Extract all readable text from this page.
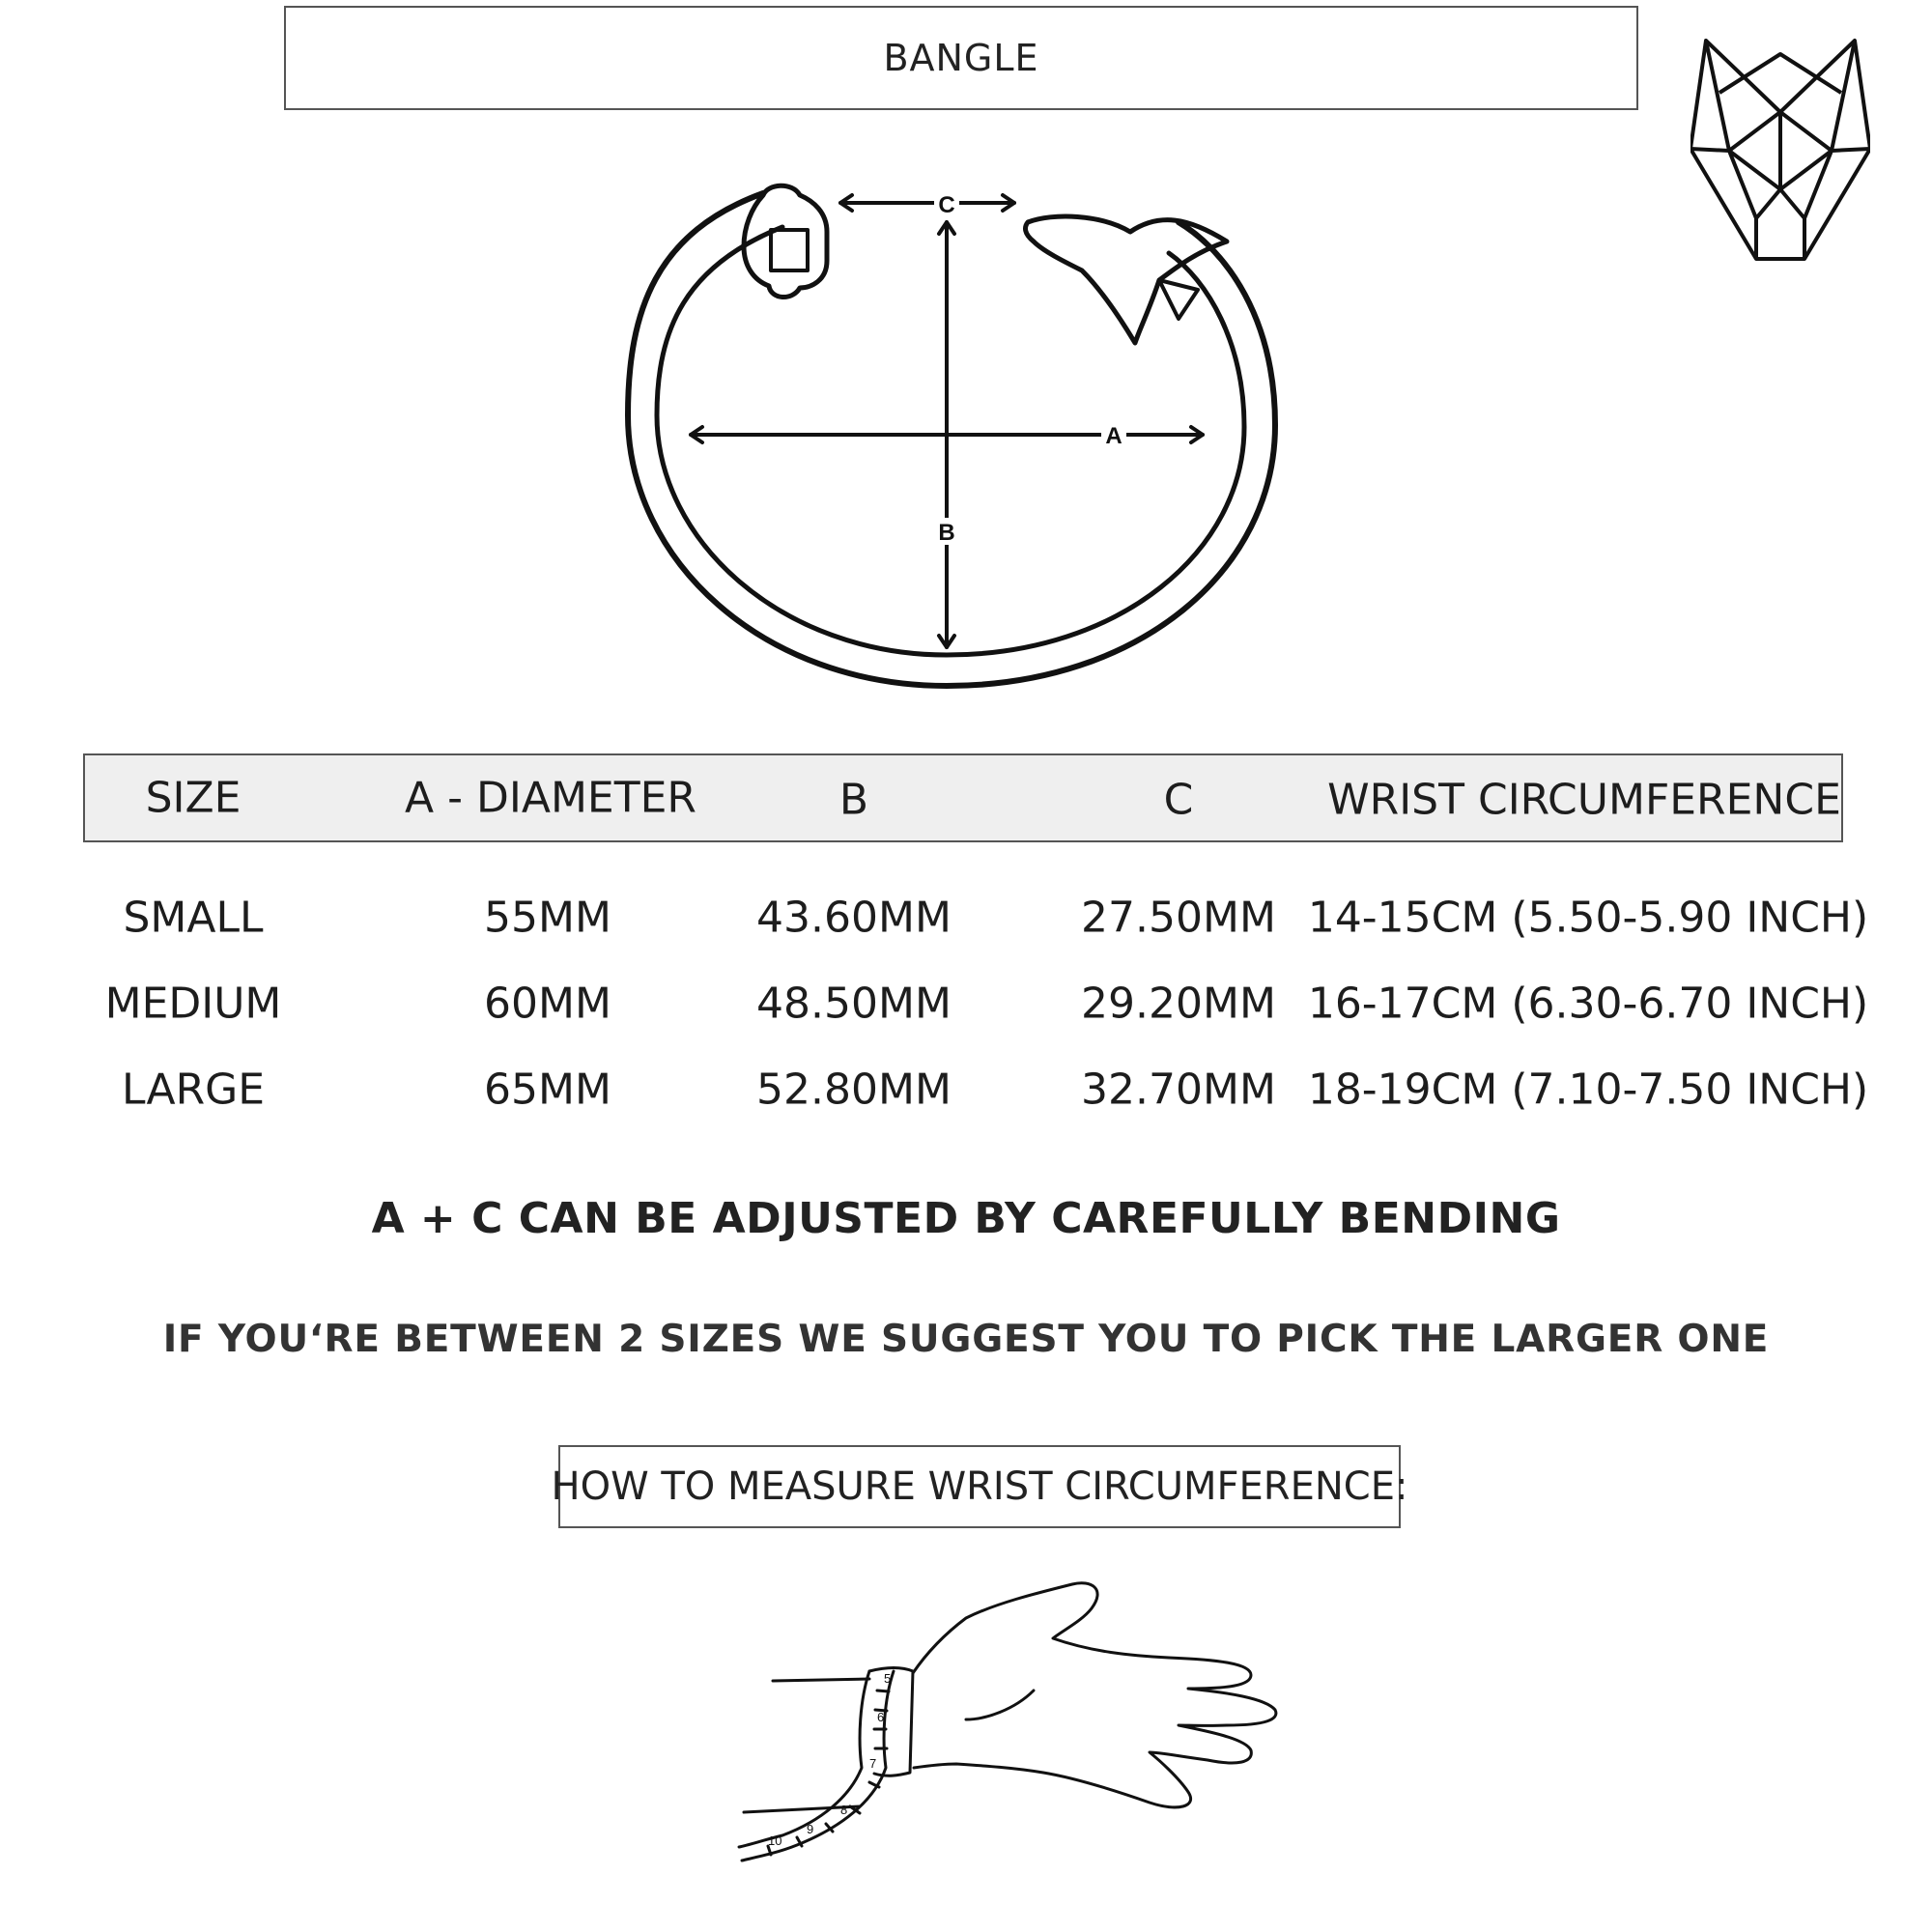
BANGLE
C
A
B
SIZE	A - DIAMETER	B	C	WRIST CIRCUMFERENCE
SMALL	55MM	43.60MM	27.50MM 14-15CM (5.50-5.90 INCH)
MEDIUM	60MM	48.50MM	29.20MM 16-17CM (6.30-6.70 INCH)
LARGE	65MM	52.80MM	32.70MM 18-19CM (7.10-7.50 INCH)
A + C CAN BE ADJUSTED BY CAREFULLY BENDING
IF YOU‘RE BETWEEN 2 SIZES WE SUGGEST YOU TO PICK THE LARGER ONE
HOW TO MEASURE WRIST CIRCUMFERENCE:
5
6
7
8
9
10
